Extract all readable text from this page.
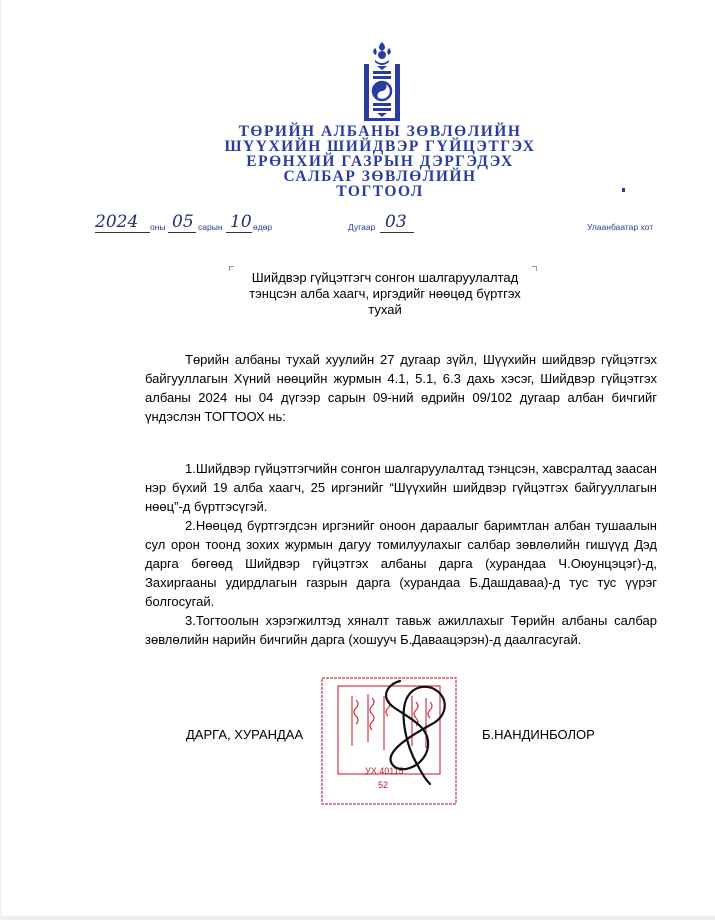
ТӨРИЙН АЛБАНЫ ЗӨВЛӨЛИЙН
ШҮҮХИЙН ШИЙДВЭР ГҮЙЦЭТГЭХ
ЕРӨНХИЙ ГАЗРЫН ДЭРГЭДЭХ
САЛБАР ЗӨВЛӨЛИЙН
ТОГТООЛ
2024 оны 05 сарын 10 өдөр	Дугаар 03	Улаанбаатар хот
Шийдвэр гүйцэтгэгч сонгон шалгаруулалтад
тэнцсэн алба хаагч, иргэдийг нөөцөд бүртгэх
тухай

Төрийн албаны тухай хуулийн 27 дугаар зүйл, Шүүхийн шийдвэр гүйцэтгэх байгууллагын Хүний нөөцийн журмын 4.1, 5.1, 6.3 дахь хэсэг, Шийдвэр гүйцэтгэх албаны 2024 ны 04 дүгээр сарын 09-ний өдрийн 09/102 дугаар албан бичгийг үндэслэн ТОГТООХ нь:

1.Шийдвэр гүйцэтгэгчийн сонгон шалгаруулалтад тэнцсэн, хавсралтад заасан нэр бүхий 19 алба хаагч, 25 иргэнийг “Шүүхийн шийдвэр гүйцэтгэх байгууллагын нөөц”-д бүртгэсүгэй.

2.Нөөцөд бүртгэгдсэн иргэнийг оноон дараалыг баримтлан албан тушаалын сул орон тоонд зохих журмын дагуу томилуулахыг салбар зөвлөлийн гишүүд Дэд дарга бөгөөд Шийдвэр гүйцэтгэх албаны дарга (хурандаа Ч.Оюунцэцэг)-д, Захиргааны удирдлагын газрын дарга (хурандаа Б.Дашдаваа)-д тус тус үүрэг болгосугай.

3.Тогтоолын хэрэгжилтэд хяналт тавьж ажиллахыг Төрийн албаны салбар зөвлөлийн нарийн бичгийн дарга (хошууч Б.Даваацэрэн)-д даалгасугай.

УХ 40115
52
ДАРГА, ХУРАНДАА	Б.НАНДИНБОЛОР
